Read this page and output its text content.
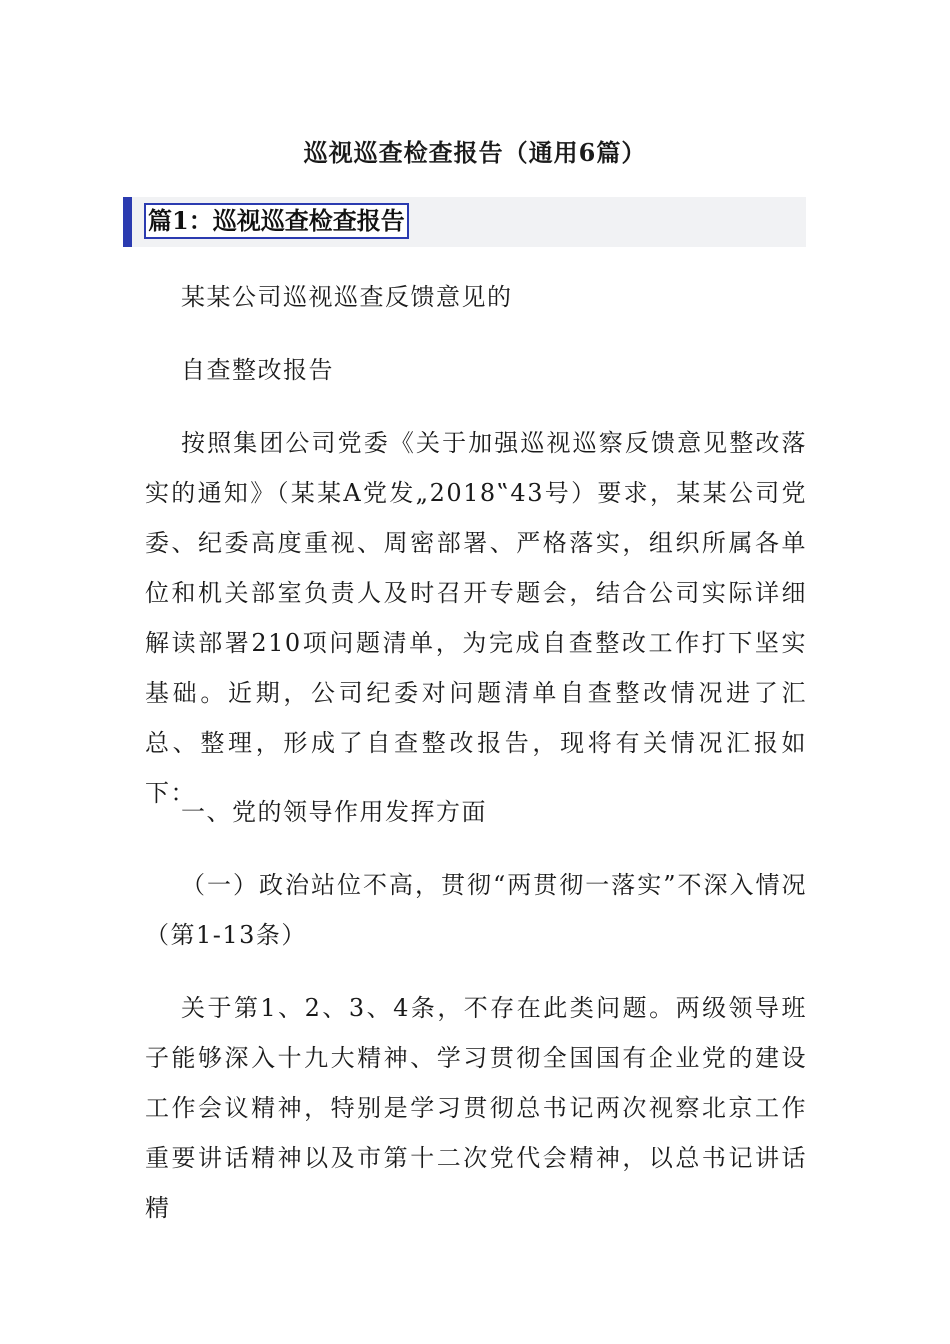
巡视巡查检查报告（通用6篇）
篇1：巡视巡查检查报告

某某公司巡视巡查反馈意见的

自查整改报告

按照集团公司党委《关于加强巡视巡察反馈意见整改落实的通知》（某某A党发„2018‟43号）要求，某某公司党委、纪委高度重视、周密部署、严格落实，组织所属各单位和机关部室负责人及时召开专题会，结合公司实际详细解读部署210项问题清单，为完成自查整改工作打下坚实基础。近期，公司纪委对问题清单自查整改情况进了汇总、整理，形成了自查整改报告，现将有关情况汇报如下：

一、党的领导作用发挥方面

（一）政治站位不高，贯彻“两贯彻一落实”不深入情况（第1-13条）

关于第1、2、3、4条，不存在此类问题。两级领导班子能够深入十九大精神、学习贯彻全国国有企业党的建设工作会议精神，特别是学习贯彻总书记两次视察北京工作重要讲话精神以及市第十二次党代会精神，以总书记讲话精
